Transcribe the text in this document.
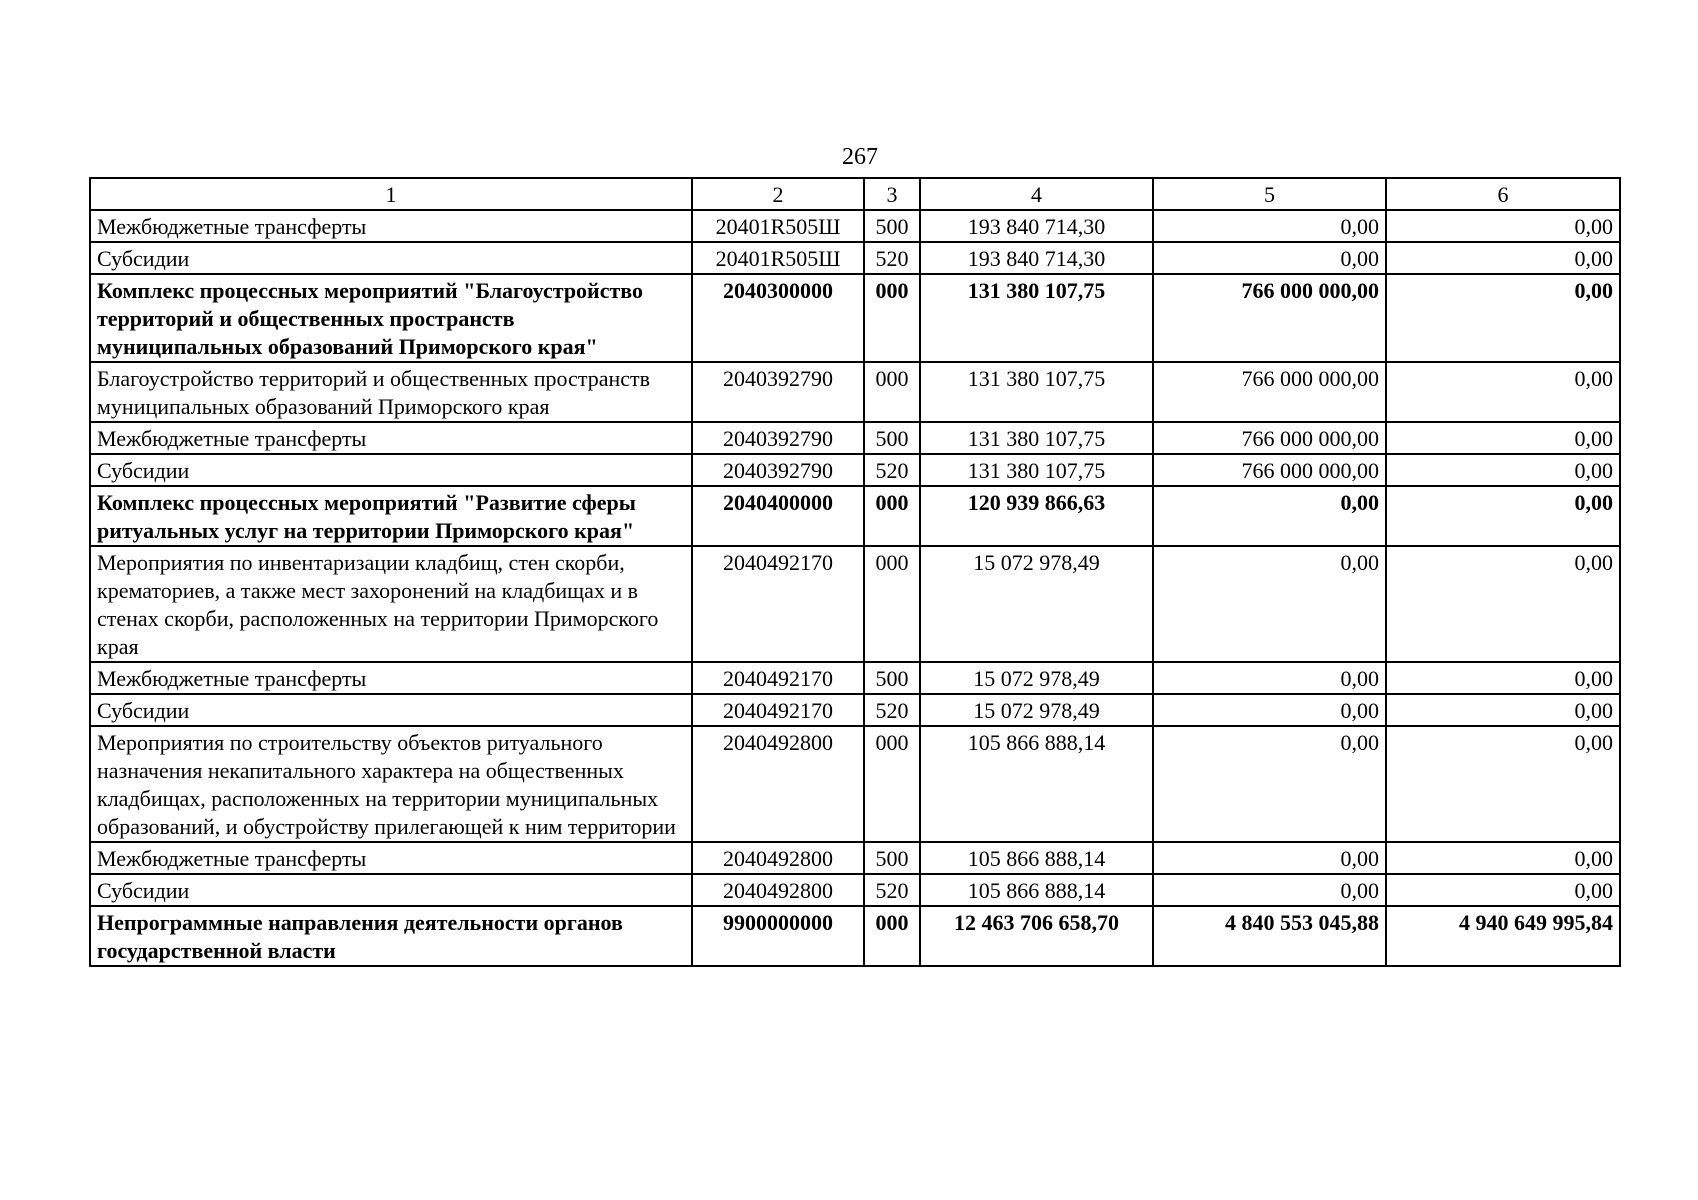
267
1	2	3	4	5	6
Межбюджетные трансферты	20401R505Ш	500	193 840 714,30	0,00	0,00
Субсидии	20401R505Ш	520	193 840 714,30	0,00	0,00
Комплекс процессных мероприятий "Благоустройство территорий и общественных пространств муниципальных образований Приморского края"	2040300000	000	131 380 107,75	766 000 000,00	0,00
Благоустройство территорий и общественных пространств муниципальных образований Приморского края	2040392790	000	131 380 107,75	766 000 000,00	0,00
Межбюджетные трансферты	2040392790	500	131 380 107,75	766 000 000,00	0,00
Субсидии	2040392790	520	131 380 107,75	766 000 000,00	0,00
Комплекс процессных мероприятий "Развитие сферы ритуальных услуг на территории Приморского края"	2040400000	000	120 939 866,63	0,00	0,00
Мероприятия по инвентаризации кладбищ, стен скорби, крематориев, а также мест захоронений на кладбищах и в стенах скорби, расположенных на территории Приморского края	2040492170	000	15 072 978,49	0,00	0,00
Межбюджетные трансферты	2040492170	500	15 072 978,49	0,00	0,00
Субсидии	2040492170	520	15 072 978,49	0,00	0,00
Мероприятия по строительству объектов ритуального назначения некапитального характера на общественных кладбищах, расположенных на территории муниципальных образований, и обустройству прилегающей к ним территории	2040492800	000	105 866 888,14	0,00	0,00
Межбюджетные трансферты	2040492800	500	105 866 888,14	0,00	0,00
Субсидии	2040492800	520	105 866 888,14	0,00	0,00
Непрограммные направления деятельности органов государственной власти	9900000000	000	12 463 706 658,70	4 840 553 045,88	4 940 649 995,84
